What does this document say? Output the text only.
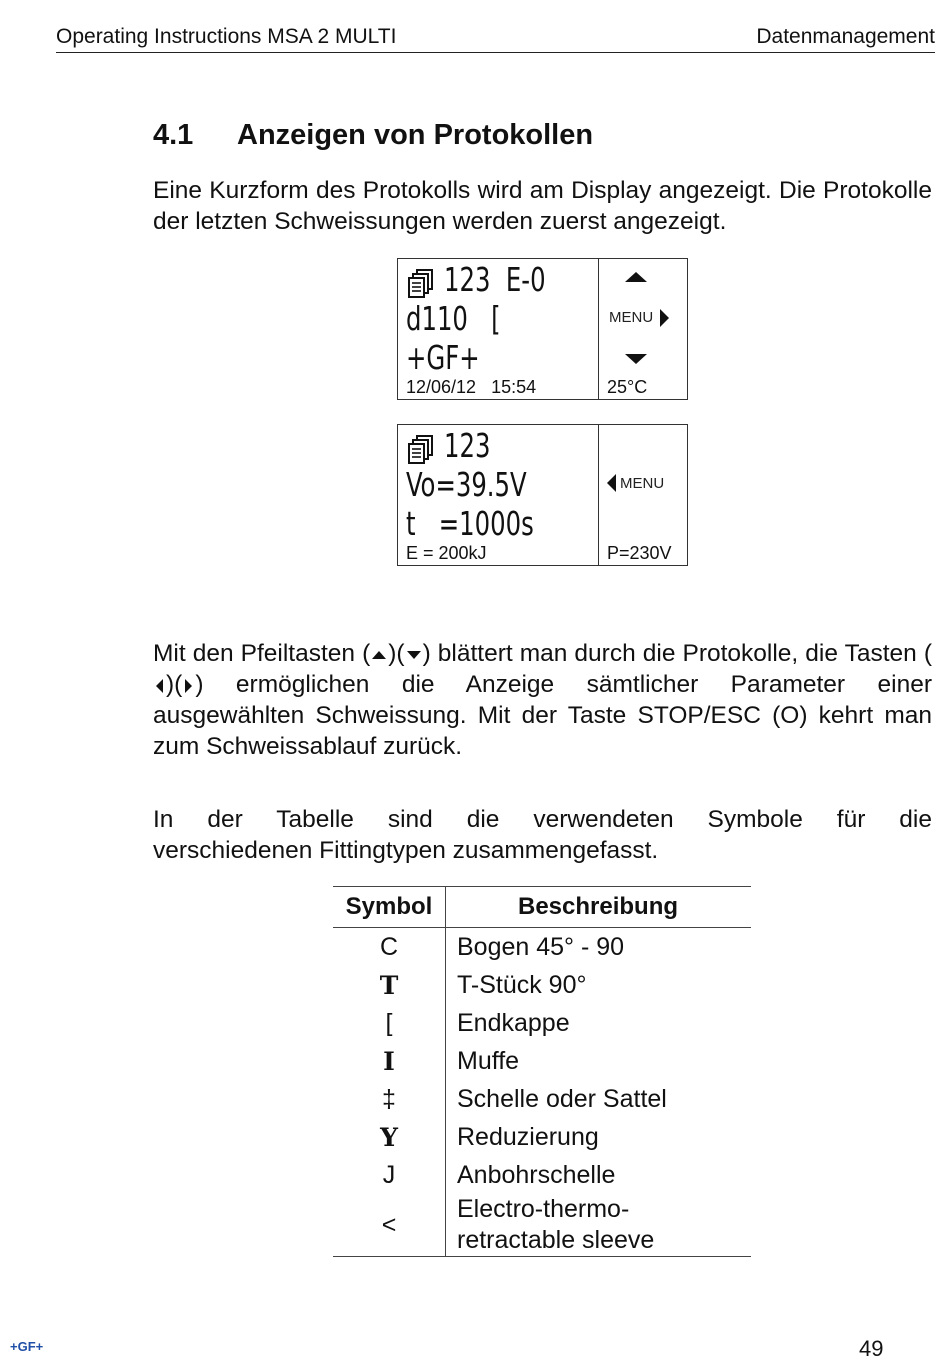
Operating Instructions MSA 2 MULTI	Datenmanagement
4.1 Anzeigen von Protokollen

Eine Kurzform des Protokolls wird am Display angezeigt. Die Protokolle der letzten Schweissungen werden zuerst angezeigt.

123  E-0
d110   [
+GF+
12/06/12   15:54
MENU
25°C
123
Vo=39.5V
t   =1000s
E = 200kJ
MENU
P=230V

Mit den Pfeiltasten ( )( ) blättert man durch die Protokolle, die Tasten ()( ) ermöglichen die Anzeige sämtlicher Parameter einer ausgewählten Schweissung. Mit der Taste STOP/ESC (O) kehrt man zum Schweissablauf zurück.

In der Tabelle sind die verwendeten Symbole für die

verschiedenen Fittingtypen zusammengefasst.

Symbol	Beschreibung
C	Bogen 45° - 90
T	T-Stück 90°
[	Endkappe
I	Muffe
‡	Schelle oder Sattel
Y	Reduzierung
J	Anbohrschelle
<	Electro-thermo-
retractable sleeve
+GF+	49
